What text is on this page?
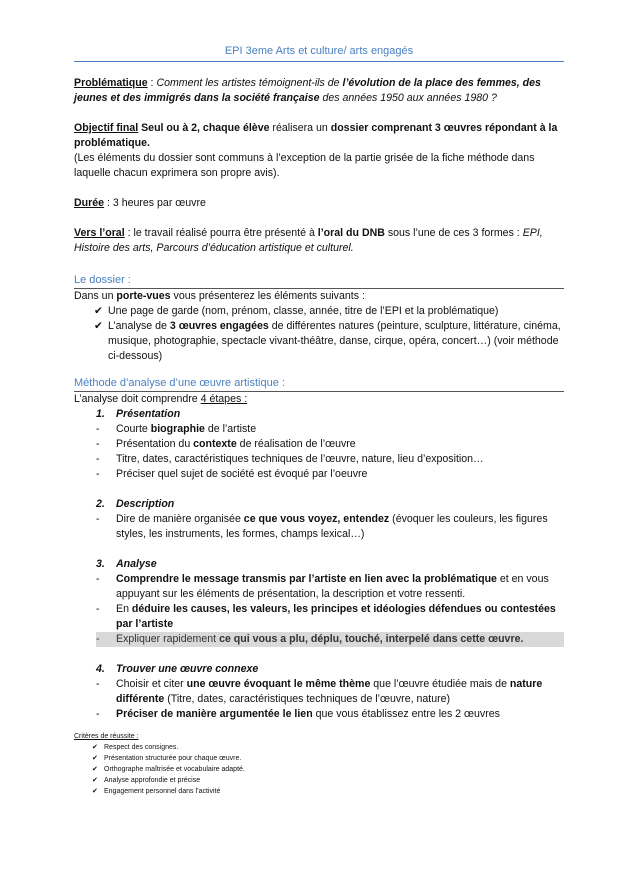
EPI 3eme Arts et culture/ arts engagés

Problématique : Comment les artistes témoignent-ils de l’évolution de la place des femmes, des jeunes et des immigrés dans la société française des années 1950 aux années 1980 ?

Objectif final Seul ou à 2, chaque élève réalisera un dossier comprenant 3 œuvres répondant à la problématique.

(Les éléments du dossier sont communs à l’exception de la partie grisée de la fiche méthode dans laquelle chacun exprimera son propre avis).

Durée : 3 heures par œuvre

Vers l’oral : le travail réalisé pourra être présenté à l’oral du DNB sous l’une de ces 3 formes : EPI, Histoire des arts, Parcours d’éducation artistique et culturel.

Le dossier :

Dans un porte-vues vous présenterez les éléments suivants :

✔ Une page de garde (nom, prénom, classe, année, titre de l’EPI et la problématique)
✔ L’analyse de 3 œuvres engagées de différentes natures (peinture, sculpture, littérature, cinéma, musique, photographie, spectacle vivant-théâtre, danse, cirque, opéra, concert…) (voir méthode ci-dessous)
Méthode d’analyse d’une œuvre artistique :

L’analyse doit comprendre 4 étapes :

1. Présentation
- Courte biographie de l’artiste
- Présentation du contexte de réalisation de l’œuvre
- Titre, dates, caractéristiques techniques de l’œuvre, nature, lieu d’exposition…
- Préciser quel sujet de société est évoqué par l’oeuvre
2. Description
- Dire de manière organisée ce que vous voyez, entendez (évoquer les couleurs, les figures styles, les instruments, les formes, champs lexical…)
3. Analyse
- Comprendre le message transmis par l’artiste en lien avec la problématique et en vous appuyant sur les éléments de présentation, la description et votre ressenti.
- En déduire les causes, les valeurs, les principes et idéologies défendues ou contestées par l’artiste
- Expliquer rapidement ce qui vous a plu, déplu, touché, interpelé dans cette œuvre.
4. Trouver une œuvre connexe
- Choisir et citer une œuvre évoquant le même thème que l’œuvre étudiée mais de nature différente (Titre, dates, caractéristiques techniques de l’œuvre, nature)
- Préciser de manière argumentée le lien que vous établissez entre les 2 œuvres
Critères de réussite :
✔ Respect des consignes.
✔ Présentation structurée pour chaque œuvre.
✔ Orthographe maîtrisée et vocabulaire adapté.
✔ Analyse approfondie et précise
✔ Engagement personnel dans l’activité
